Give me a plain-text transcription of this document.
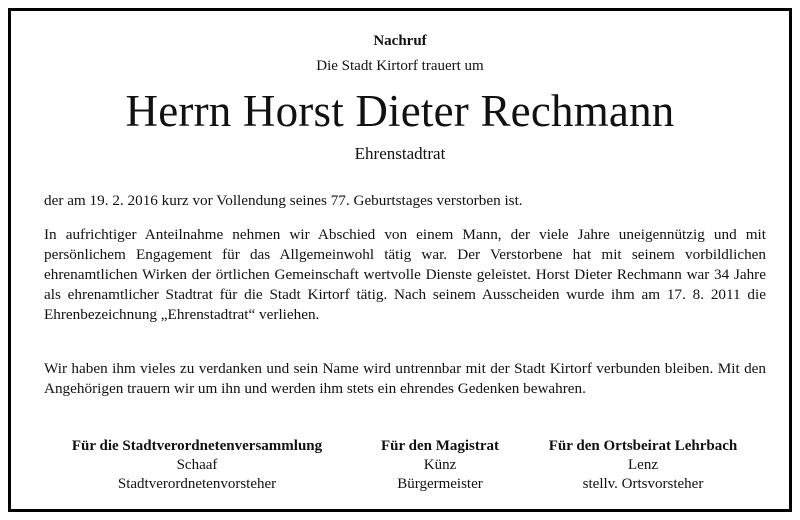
Nachruf
Die Stadt Kirtorf trauert um
Herrn Horst Dieter Rechmann
Ehrenstadtrat
der am 19. 2. 2016 kurz vor Vollendung seines 77. Geburtstages verstorben ist.
In aufrichtiger Anteilnahme nehmen wir Abschied von einem Mann, der viele Jahre uneigennützig und mit persönlichem Engagement für das Allgemeinwohl tätig war. Der Verstorbene hat mit seinem vorbildlichen ehrenamtlichen Wirken der örtlichen Gemeinschaft wertvolle Dienste geleistet. Horst Dieter Rechmann war 34 Jahre als ehrenamtlicher Stadtrat für die Stadt Kirtorf tätig. Nach seinem Ausscheiden wurde ihm am 17. 8. 2011 die Ehrenbezeichnung „Ehrenstadtrat“ verliehen.
Wir haben ihm vieles zu verdanken und sein Name wird untrennbar mit der Stadt Kirtorf verbunden bleiben. Mit den Angehörigen trauern wir um ihn und werden ihm stets ein ehrendes Gedenken bewahren.
Für die Stadtverordnetenversammlung
Schaaf
Stadtverordnetenvorsteher
Für den Magistrat
Künz
Bürgermeister
Für den Ortsbeirat Lehrbach
Lenz
stellv. Ortsvorsteher
